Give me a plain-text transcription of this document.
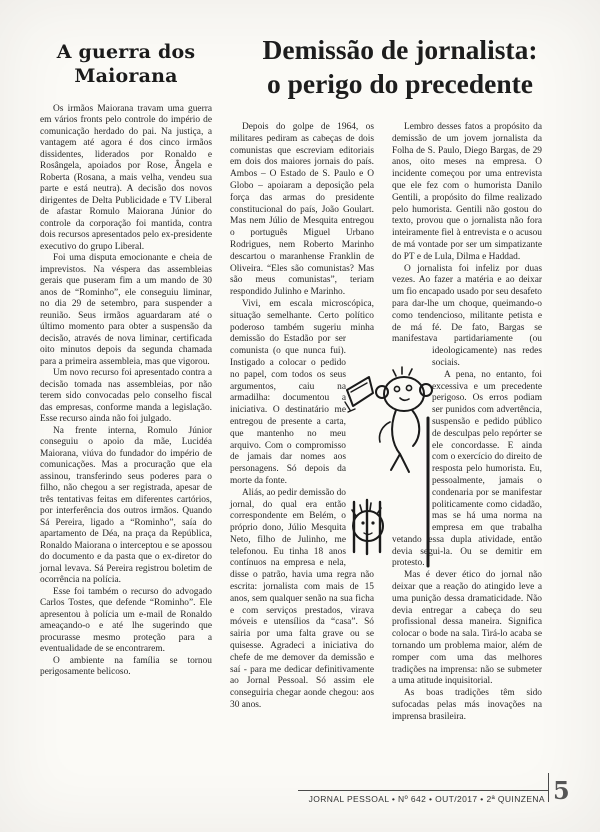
A guerra dos
Maiorana

Os irmãos Maiorana travam uma guerra em vários fronts pelo controle do império de comunicação herdado do pai. Na justiça, a vantagem até agora é dos cinco irmãos dissidentes, liderados por Ronaldo e Rosângela, apoiados por Rose, Ângela e Roberta (Rosana, a mais velha, vendeu sua parte e está neutra). A decisão dos novos dirigentes de Delta Publicidade e TV Liberal de afastar Romulo Maiorana Júnior do controle da corporação foi mantida, contra dois recursos apresentados pelo ex-presidente executivo do grupo Liberal.

Foi uma disputa emocionante e cheia de imprevistos. Na véspera das assembleias gerais que puseram fim a um mando de 30 anos de “Rominho”, ele conseguiu liminar, no dia 29 de setembro, para suspender a reunião. Seus irmãos aguardaram até o último momento para obter a suspensão da decisão, através de nova liminar, certificada oito minutos depois da segunda chamada para a primeira assembleia, mas que vigorou.

Um novo recurso foi apresentado contra a decisão tomada nas assembleias, por não terem sido convocadas pelo conselho fiscal das empresas, conforme manda a legislação. Esse recurso ainda não foi julgado.

Na frente interna, Romulo Júnior conseguiu o apoio da mãe, Lucidéa Maiorana, viúva do fundador do império de comunicações. Mas a procuração que ela assinou, transferindo seus poderes para o filho, não chegou a ser registrada, apesar de três tentativas feitas em diferentes cartórios, por interferência dos outros irmãos. Quando Sá Pereira, ligado a “Rominho”, saía do apartamento de Déa, na praça da República, Ronaldo Maiorana o interceptou e se apossou do documento e da pasta que o ex-diretor do jornal levava. Sá Pereira registrou boletim de ocorrência na polícia.

Esse foi também o recurso do advogado Carlos Tostes, que defende “Rominho”. Ele apresentou à polícia um e-mail de Ronaldo ameaçando-o e até lhe sugerindo que procurasse mesmo proteção para a eventualidade de se encontrarem.

O ambiente na família se tornou perigosamente belicoso.

Demissão de jornalista:
o perigo do precedente

Depois do golpe de 1964, os militares pediram as cabeças de dois comunistas que escreviam editoriais em dois dos maiores jornais do país. Ambos – O Estado de S. Paulo e O Globo – apoiaram a deposição pela força das armas do presidente constitucional do país, João Goulart. Mas nem Júlio de Mesquita entregou o português Miguel Urbano Rodrigues, nem Roberto Marinho descartou o maranhense Franklin de Oliveira. “Eles são comunistas? Mas são meus comunistas”, teriam respondido Julinho e Marinho.

Vivi, em escala microscópica, situação semelhante. Certo político poderoso também sugeriu minha demissão do Estadão por ser comunista (o que nunca fui). Instigado a colocar o pedido no papel, com todos os seus argumentos, caiu na armadilha: documentou a iniciativa. O destinatário me entregou de presente a carta, que mantenho no meu arquivo. Com o compromisso de jamais dar nomes aos personagens. Só depois da morte da fonte.

Aliás, ao pedir demissão do jornal, do qual era então correspondente em Belém, o próprio dono, Júlio Mesquita Neto, filho de Julinho, me telefonou. Eu tinha 18 anos contínuos na empresa e nela, disse o patrão, havia uma regra não escrita: jornalista com mais de 15 anos, sem qualquer senão na sua ficha e com serviços prestados, virava móveis e utensílios da “casa”. Só sairia por uma falta grave ou se quisesse. Agradeci a iniciativa do chefe de me demover da demissão e saí - para me dedicar definitivamente ao Jornal Pessoal. Só assim ele conseguiria chegar aonde chegou: aos 30 anos.

Lembro desses fatos a propósito da demissão de um jovem jornalista da Folha de S. Paulo, Diego Bargas, de 29 anos, oito meses na empresa. O incidente começou por uma entrevista que ele fez com o humorista Danilo Gentili, a propósito do filme realizado pelo humorista. Gentili não gostou do texto, provou que o jornalista não fora inteiramente fiel à entrevista e o acusou de má vontade por ser um simpatizante do PT e de Lula, Dilma e Haddad.

O jornalista foi infeliz por duas vezes. Ao fazer a matéria e ao deixar um fio encapado usado por seu desafeto para dar-lhe um choque, queimando-o como tendencioso, militante petista e de má fé. De fato, Bargas se manifestava partidariamente (ou ideologicamente) nas redes sociais.

A pena, no entanto, foi excessiva e um precedente perigoso. Os erros podiam ser punidos com advertência, suspensão e pedido público de desculpas pelo repórter se ele concordasse. E ainda com o exercício do direito de resposta pelo humorista. Eu, pessoalmente, jamais o condenaria por se manifestar politicamente como cidadão, mas se há uma norma na empresa em que trabalha vetando essa dupla atividade, então devia segui-la. Ou se demitir em protesto.

Mas é dever ético do jornal não deixar que a reação do atingido leve a uma punição dessa dramaticidade. Não devia entregar a cabeça do seu profissional dessa maneira. Significa colocar o bode na sala. Tirá-lo acaba se tornando um problema maior, além de romper com uma das melhores tradições na imprensa: não se submeter a uma atitude inquisitorial.

As boas tradições têm sido sufocadas pelas más inovações na imprensa brasileira.

JORNAL PESSOAL • Nº 642 • OUT/2017 • 2ª QUINZENA 5
